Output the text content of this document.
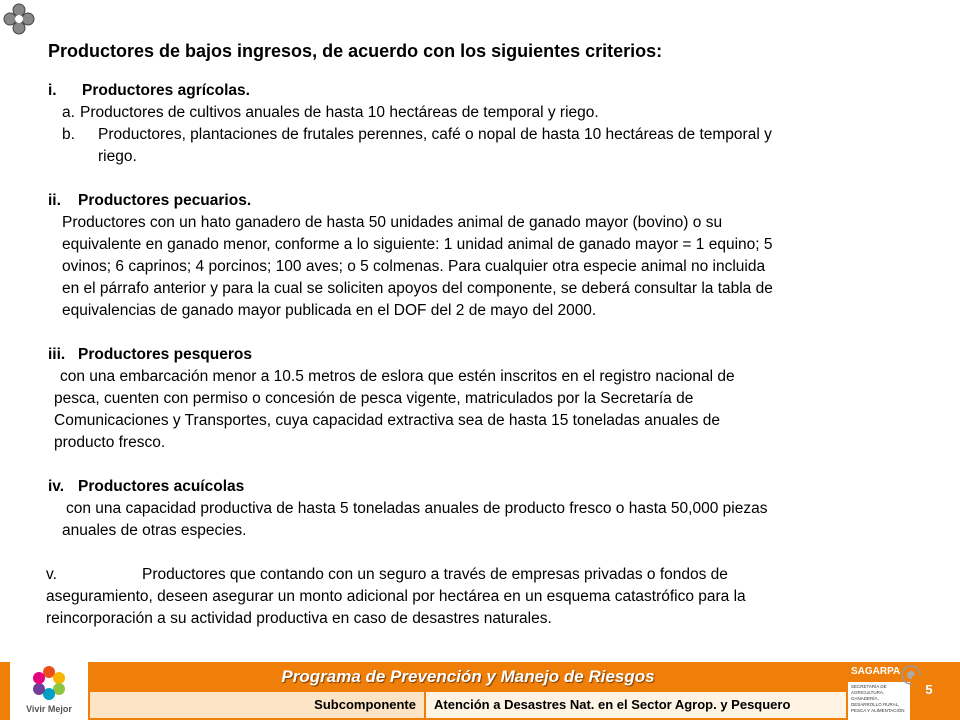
Productores de bajos ingresos, de acuerdo con los siguientes criterios:
i. Productores agrícolas.
a. Productores de cultivos anuales de hasta 10 hectáreas de temporal y riego.
b. Productores, plantaciones de frutales perennes, café o nopal de hasta 10 hectáreas de temporal y
riego.
ii. Productores pecuarios.
Productores con un hato ganadero de hasta 50 unidades animal de ganado mayor (bovino) o su
equivalente en ganado menor, conforme a lo siguiente: 1 unidad animal de ganado mayor = 1 equino; 5
ovinos; 6 caprinos; 4 porcinos; 100 aves; o 5 colmenas. Para cualquier otra especie animal no incluida
en el párrafo anterior y para la cual se soliciten apoyos del componente, se deberá consultar la tabla de
equivalencias de ganado mayor publicada en el DOF del 2 de mayo del 2000.
iii. Productores pesqueros
con una embarcación menor a 10.5 metros de eslora que estén inscritos en el registro nacional de
pesca, cuenten con permiso o concesión de pesca vigente, matriculados por la Secretaría de
Comunicaciones y Transportes, cuya capacidad extractiva sea de hasta 15 toneladas anuales de
producto fresco.
iv. Productores acuícolas
con una capacidad productiva de hasta 5 toneladas anuales de producto fresco o hasta 50,000 piezas
anuales de otras especies.
v.	Productores que contando con un seguro a través de empresas privadas o fondos de
aseguramiento, deseen asegurar un monto adicional por hectárea en un esquema catastrófico para la
reincorporación a su actividad productiva en caso de desastres naturales.
Vivir Mejor
Programa de Prevención y Manejo de Riesgos
Subcomponente	Atención a Desastres Nat. en el Sector Agrop. y Pesquero
SAGARPA
SECRETARÍA DE AGRICULTURA, GANADERÍA, DESARROLLO RURAL, PESCA Y ALIMENTACIÓN
5
